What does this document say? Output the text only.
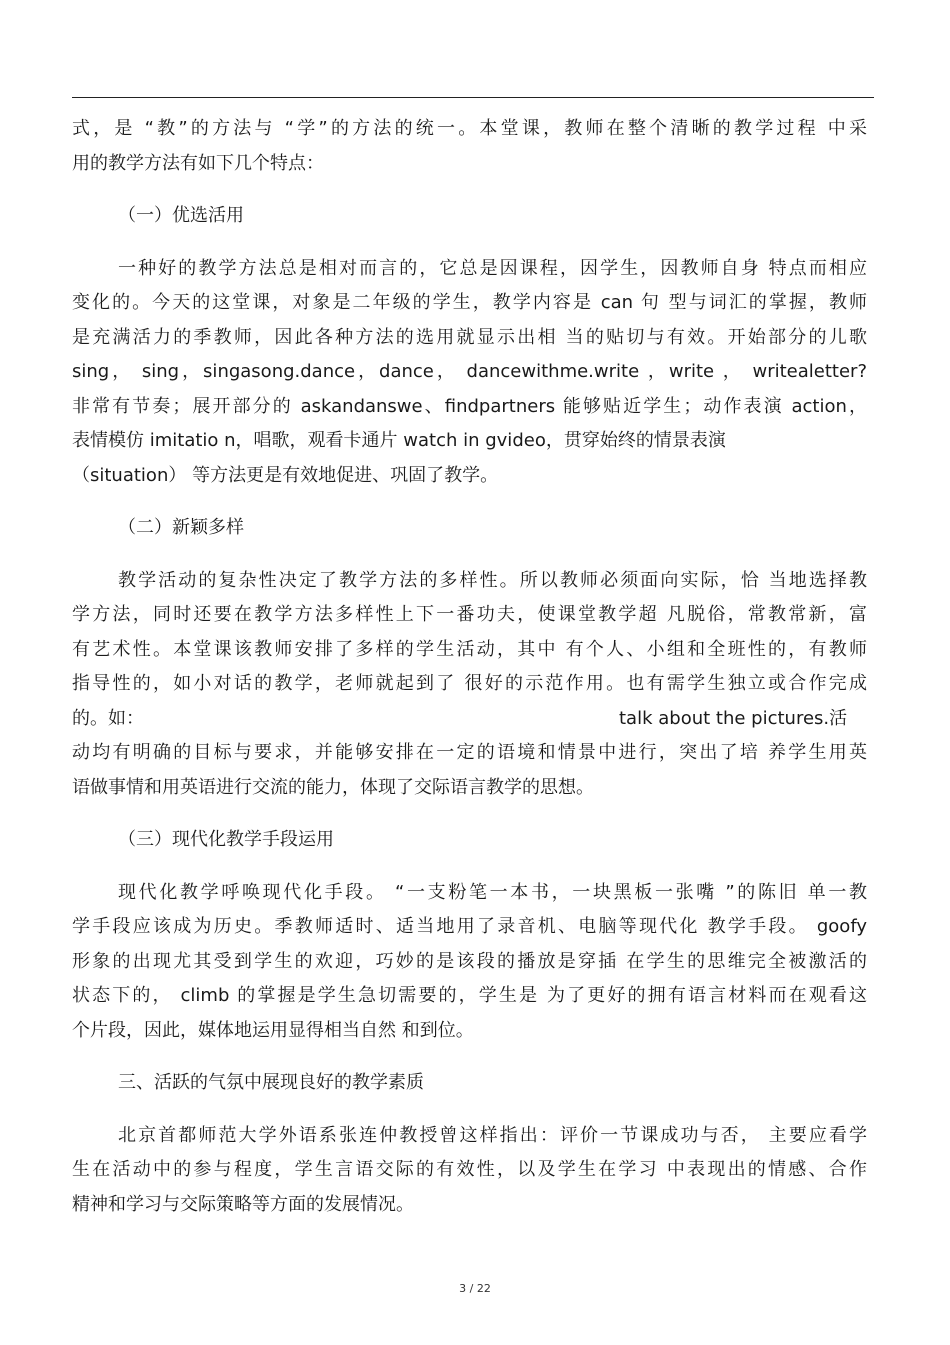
式，是 “教”的方法与 “学”的方法的统一。本堂课，教师在整个清晰的教学过程 中采
用的教学方法有如下几个特点：
（一）优选活用
一种好的教学方法总是相对而言的，它总是因课程，因学生，因教师自身 特点而相应
变化的。今天的这堂课，对象是二年级的学生，教学内容是 can 句 型与词汇的掌握，教师
是充满活力的季教师，因此各种方法的选用就显示出相 当的贴切与有效。开始部分的儿歌
sing， sing，singasong.dance，dance， dancewithme.write ，write ， writealetter?
非常有节奏；展开部分的 askandanswe、findpartners 能够贴近学生；动作表演 action，
表情模仿 imitatio n，唱歌，观看卡通片 watch in gvideo，贯穿始终的情景表演
（situation） 等方法更是有效地促进、巩固了教学。
（二）新颖多样
教学活动的复杂性决定了教学方法的多样性。所以教师必须面向实际，恰 当地选择教
学方法，同时还要在教学方法多样性上下一番功夫，使课堂教学超 凡脱俗，常教常新，富
有艺术性。本堂课该教师安排了多样的学生活动，其中 有个人、小组和全班性的，有教师
指导性的，如小对话的教学，老师就起到了 很好的示范作用。也有需学生独立或合作完成
的。如：	talk about the pictures.活
动均有明确的目标与要求，并能够安排在一定的语境和情景中进行，突出了培 养学生用英
语做事情和用英语进行交流的能力，体现了交际语言教学的思想。
（三）现代化教学手段运用
现代化教学呼唤现代化手段。 “一支粉笔一本书，一块黑板一张嘴 ”的陈旧 单一教
学手段应该成为历史。季教师适时、适当地用了录音机、电脑等现代化 教学手段。 goofy
形象的出现尤其受到学生的欢迎，巧妙的是该段的播放是穿插 在学生的思维完全被激活的
状态下的， climb 的掌握是学生急切需要的，学生是 为了更好的拥有语言材料而在观看这
个片段，因此，媒体地运用显得相当自然 和到位。
三、活跃的气氛中展现良好的教学素质
北京首都师范大学外语系张连仲教授曾这样指出：评价一节课成功与否， 主要应看学
生在活动中的参与程度，学生言语交际的有效性，以及学生在学习 中表现出的情感、合作
精神和学习与交际策略等方面的发展情况。
3 / 22
